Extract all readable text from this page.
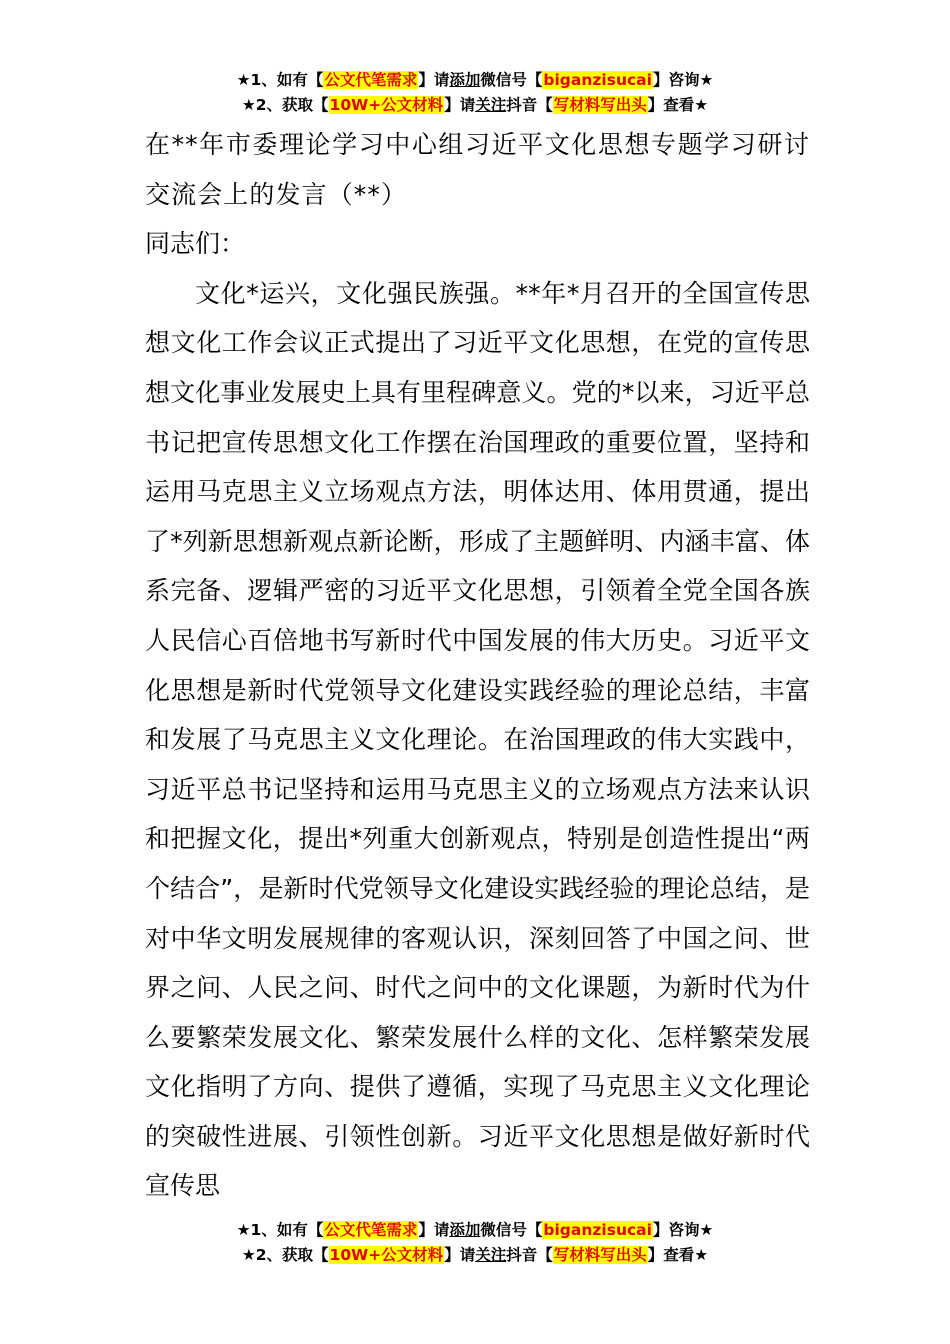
★1、如有【公文代笔需求】请添加微信号【biganzisucai】咨询★
★2、获取【10W+公文材料】请关注抖音【写材料写出头】查看★

在**年市委理论学习中心组习近平文化思想专题学习研讨交流会上的发言（**）

同志们：

文化*运兴，文化强民族强。**年*月召开的全国宣传思想文化工作会议正式提出了习近平文化思想，在党的宣传思想文化事业发展史上具有里程碑意义。党的*以来，习近平总书记把宣传思想文化工作摆在治国理政的重要位置，坚持和运用马克思主义立场观点方法，明体达用、体用贯通，提出了*列新思想新观点新论断，形成了主题鲜明、内涵丰富、体系完备、逻辑严密的习近平文化思想，引领着全党全国各族人民信心百倍地书写新时代中国发展的伟大历史。习近平文化思想是新时代党领导文化建设实践经验的理论总结，丰富和发展了马克思主义文化理论。在治国理政的伟大实践中，习近平总书记坚持和运用马克思主义的立场观点方法来认识和把握文化，提出*列重大创新观点，特别是创造性提出“两个结合”，是新时代党领导文化建设实践经验的理论总结，是对中华文明发展规律的客观认识，深刻回答了中国之问、世界之问、人民之问、时代之问中的文化课题，为新时代为什么要繁荣发展文化、繁荣发展什么样的文化、怎样繁荣发展文化指明了方向、提供了遵循，实现了马克思主义文化理论的突破性进展、引领性创新。习近平文化思想是做好新时代宣传思

★1、如有【公文代笔需求】请添加微信号【biganzisucai】咨询★
★2、获取【10W+公文材料】请关注抖音【写材料写出头】查看★
